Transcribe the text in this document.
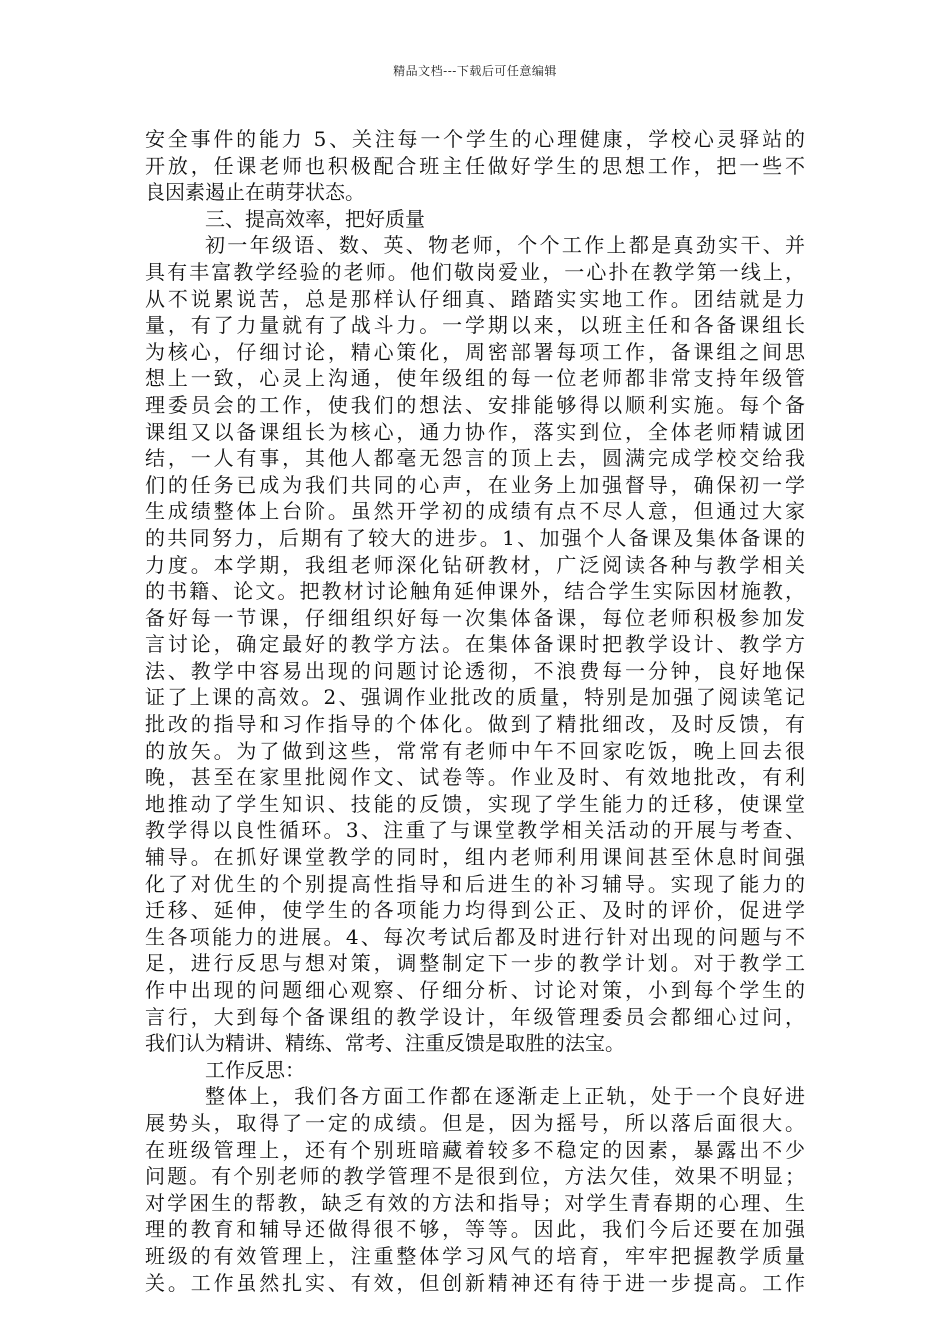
精品文档---下载后可任意编辑
安全事件的能力 5、关注每一个学生的心理健康，学校心灵驿站的
开放，任课老师也积极配合班主任做好学生的思想工作，把一些不
良因素遏止在萌芽状态。
三、提高效率，把好质量
初一年级语、数、英、物老师，个个工作上都是真劲实干、并
具有丰富教学经验的老师。他们敬岗爱业，一心扑在教学第一线上，
从不说累说苦，总是那样认仔细真、踏踏实实地工作。团结就是力
量，有了力量就有了战斗力。一学期以来，以班主任和各备课组长
为核心，仔细讨论，精心策化，周密部署每项工作，备课组之间思
想上一致，心灵上沟通，使年级组的每一位老师都非常支持年级管
理委员会的工作，使我们的想法、安排能够得以顺利实施。每个备
课组又以备课组长为核心，通力协作，落实到位，全体老师精诚团
结，一人有事，其他人都毫无怨言的顶上去，圆满完成学校交给我
们的任务已成为我们共同的心声，在业务上加强督导，确保初一学
生成绩整体上台阶。虽然开学初的成绩有点不尽人意，但通过大家
的共同努力，后期有了较大的进步。1、加强个人备课及集体备课的
力度。本学期，我组老师深化钻研教材，广泛阅读各种与教学相关
的书籍、论文。把教材讨论触角延伸课外，结合学生实际因材施教，
备好每一节课，仔细组织好每一次集体备课，每位老师积极参加发
言讨论，确定最好的教学方法。在集体备课时把教学设计、教学方
法、教学中容易出现的问题讨论透彻，不浪费每一分钟，良好地保
证了上课的高效。2、强调作业批改的质量，特别是加强了阅读笔记
批改的指导和习作指导的个体化。做到了精批细改，及时反馈，有
的放矢。为了做到这些，常常有老师中午不回家吃饭，晚上回去很
晚，甚至在家里批阅作文、试卷等。作业及时、有效地批改，有利
地推动了学生知识、技能的反馈，实现了学生能力的迁移，使课堂
教学得以良性循环。3、注重了与课堂教学相关活动的开展与考查、
辅导。在抓好课堂教学的同时，组内老师利用课间甚至休息时间强
化了对优生的个别提高性指导和后进生的补习辅导。实现了能力的
迁移、延伸，使学生的各项能力均得到公正、及时的评价，促进学
生各项能力的进展。4、每次考试后都及时进行针对出现的问题与不
足，进行反思与想对策，调整制定下一步的教学计划。对于教学工
作中出现的问题细心观察、仔细分析、讨论对策，小到每个学生的
言行，大到每个备课组的教学设计，年级管理委员会都细心过问，
我们认为精讲、精练、常考、注重反馈是取胜的法宝。
工作反思：
整体上，我们各方面工作都在逐渐走上正轨，处于一个良好进
展势头，取得了一定的成绩。但是，因为摇号，所以落后面很大。
在班级管理上，还有个别班暗藏着较多不稳定的因素，暴露出不少
问题。有个别老师的教学管理不是很到位，方法欠佳，效果不明显；
对学困生的帮教，缺乏有效的方法和指导；对学生青春期的心理、生
理的教育和辅导还做得很不够，等等。因此，我们今后还要在加强
班级的有效管理上，注重整体学习风气的培育，牢牢把握教学质量
关。工作虽然扎实、有效，但创新精神还有待于进一步提高。工作
